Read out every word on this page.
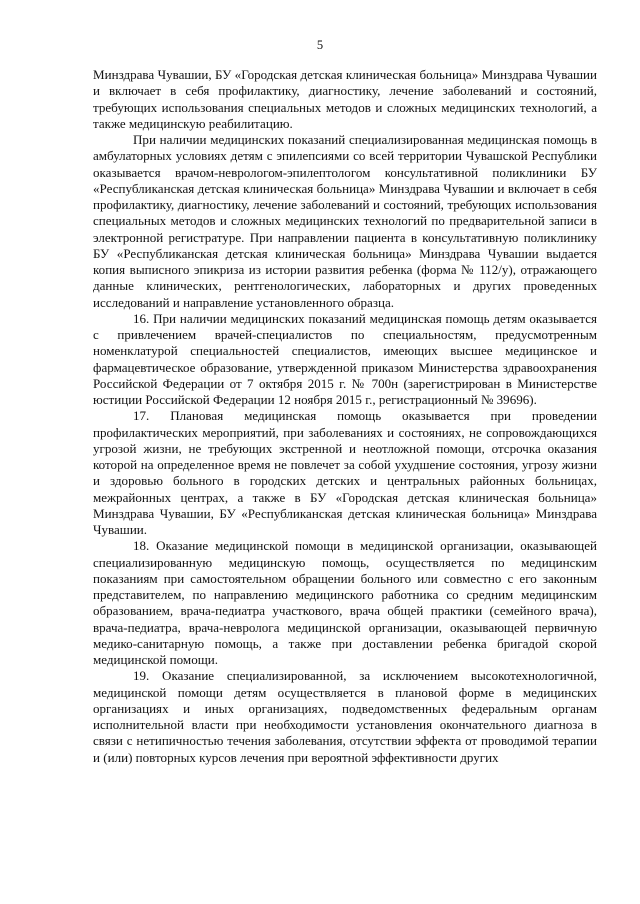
5

Минздрава Чувашии, БУ «Городская детская клиническая больница» Минздрава Чувашии и включает в себя профилактику, диагностику, лечение заболеваний и состояний, требующих использования специальных методов и сложных медицинских технологий, а также медицинскую реабилитацию.

При наличии медицинских показаний специализированная медицинская помощь в амбулаторных условиях детям с эпилепсиями со всей территории Чувашской Республики оказывается врачом-неврологом-эпилептологом консультативной поликлиники БУ «Республиканская детская клиническая больница» Минздрава Чувашии и включает в себя профилактику, диагностику, лечение заболеваний и состояний, требующих использования специальных методов и сложных медицинских технологий по предварительной записи в электронной регистратуре. При направлении пациента в консультативную поликлинику БУ «Республиканская детская клиническая больница» Минздрава Чувашии выдается копия выписного эпикриза из истории развития ребенка (форма № 112/у), отражающего данные клинических, рентгенологических, лабораторных и других проведенных исследований и направление установленного образца.

16. При наличии медицинских показаний медицинская помощь детям оказывается с привлечением врачей-специалистов по специальностям, предусмотренным номенклатурой специальностей специалистов, имеющих высшее медицинское и фармацевтическое образование, утвержденной приказом Министерства здравоохранения Российской Федерации от 7 октября 2015 г. № 700н (зарегистрирован в Министерстве юстиции Российской Федерации 12 ноября 2015 г., регистрационный № 39696).

17. Плановая медицинская помощь оказывается при проведении профилактических мероприятий, при заболеваниях и состояниях, не сопровождающихся угрозой жизни, не требующих экстренной и неотложной помощи, отсрочка оказания которой на определенное время не повлечет за собой ухудшение состояния, угрозу жизни и здоровью больного в городских детских и центральных районных больницах, межрайонных центрах, а также в БУ «Городская детская клиническая больница» Минздрава Чувашии, БУ «Республиканская детская клиническая больница» Минздрава Чувашии.

18. Оказание медицинской помощи в медицинской организации, оказывающей специализированную медицинскую помощь, осуществляется по медицинским показаниям при самостоятельном обращении больного или совместно с его законным представителем, по направлению медицинского работника со средним медицинским образованием, врача-педиатра участкового, врача общей практики (семейного врача), врача-педиатра, врача-невролога медицинской организации, оказывающей первичную медико-санитарную помощь, а также при доставлении ребенка бригадой скорой медицинской помощи.

19. Оказание специализированной, за исключением высокотехнологичной, медицинской помощи детям осуществляется в плановой форме в медицинских организациях и иных организациях, подведомственных федеральным органам исполнительной власти при необходимости установления окончательного диагноза в связи с нетипичностью течения заболевания, отсутствии эффекта от проводимой терапии и (или) повторных курсов лечения при вероятной эффективности других
